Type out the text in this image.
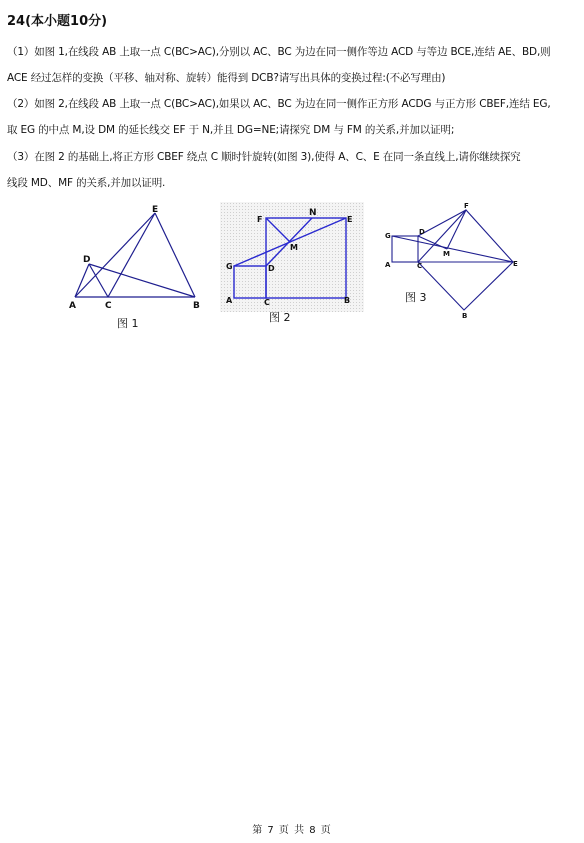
24(本小题10分)
（1）如图 1,在线段 AB 上取一点 C(BC>AC),分别以 AC、BC 为边在同一侧作等边 ACD 与等边 BCE,连结 AE、BD,则
ACE 经过怎样的变换（平移、轴对称、旋转）能得到 DCB?请写出具体的变换过程:(不必写理由)
（2）如图 2,在线段 AB 上取一点 C(BC>AC),如果以 AC、BC 为边在同一侧作正方形 ACDG 与正方形 CBEF,连结 EG,
取 EG 的中点 M,设 DM 的延长线交 EF 于 N,并且 DG=NE;请探究 DM 与 FM 的关系,并加以证明;
（3）在图 2 的基础上,将正方形 CBEF 绕点 C 顺时针旋转(如图 3),使得 A、C、E 在同一条直线上,请你继续探究
线段 MD、MF 的关系,并加以证明.
A	C	B
D
E
图 1
A	C	B
G	D
F	E
N
M
图 2
G	D
A	C
F
M
E
B
图 3
第 7 页 共 8 页
